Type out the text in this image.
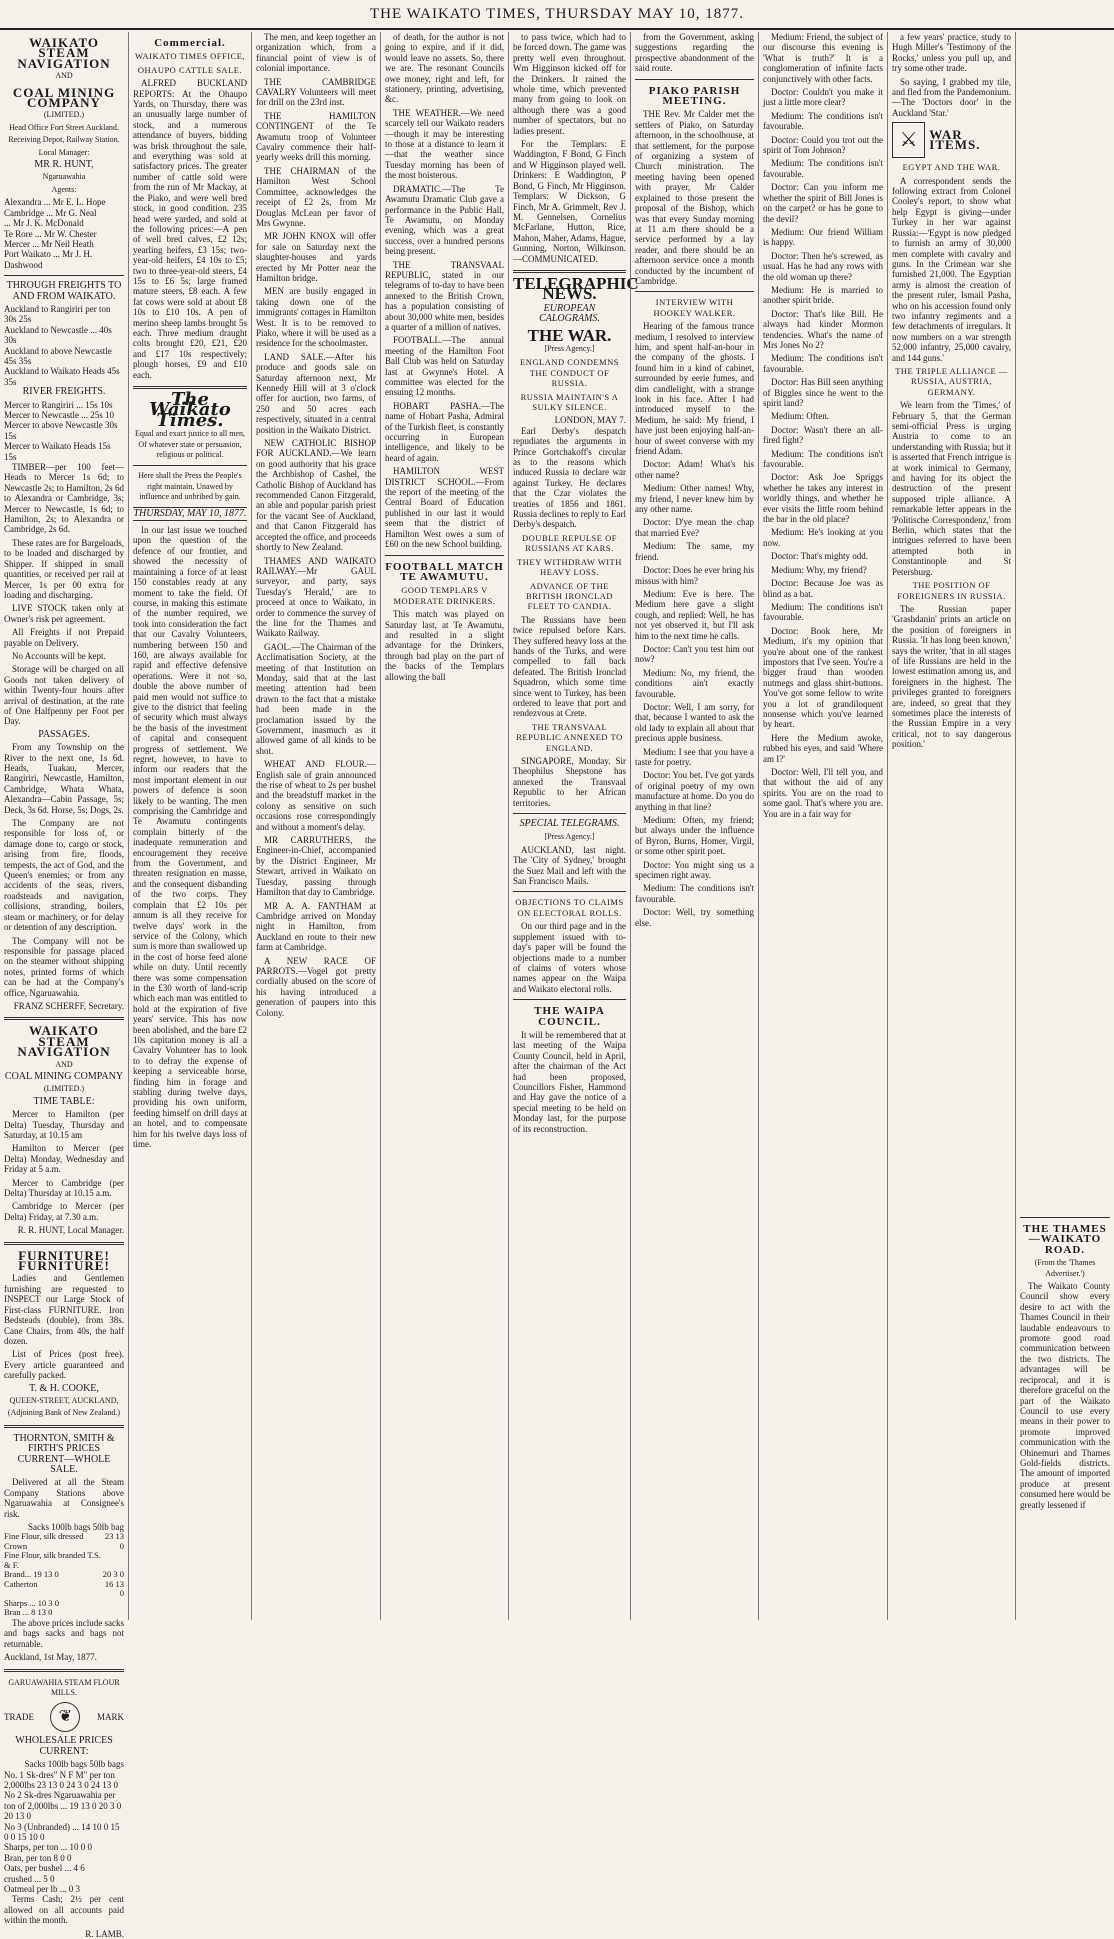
THE WAIKATO TIMES, THURSDAY MAY 10, 1877.
WAIKATO STEAM NAVIGATION
AND
COAL MINING COMPANY
(LIMITED.)
Head Office Fort Street Auckland.
Receiving Depot, Railway Station.
Local Manager:
MR R. HUNT,
Ngaruawahia
Agents:
Alexandra ... Mr E. L. Hope
Cambridge ... Mr G. Neal
... Mr J. K. McDonald
Te Rore ... Mr W. Chester
Mercer ... Mr Neil Heath
Port Waikato ... Mr J. H. Dashwood
THROUGH FREIGHTS TO AND FROM WAIKATO.
Auckland to Rangiriri per ton 30s 25s
Auckland to Newcastle ... 40s 30s
Auckland to above Newcastle 45s 35s
Auckland to Waikato Heads 45s 35s
RIVER FREIGHTS.
Mercer to Rangiriri ... 15s 10s
Mercer to Newcastle ... 25s 10
Mercer to above Newcastle 30s 15s
Mercer to Waikato Heads 15s 15s

TIMBER—per 100 feet—Heads to Mercer 1s 6d; to Newcastle 2s; to Hamilton, 2s 6d to Alexandra or Cambridge, 3s; Mercer to Newcastle, 1s 6d; to Hamilton, 2s; to Alexandra or Cambridge, 2s 6d.

These rates are for Bargeloads, to be loaded and discharged by Shipper. If shipped in small quantities, or received per rail at Mercer, 1s per 00 extra for loading and discharging.

LIVE STOCK taken only at Owner's risk per agreement.

All Freights if not Prepaid payable on Delivery.

No Accounts will be kept.

Storage will be charged on all Goods not taken delivery of within Twenty-four hours after arrival of destination, at the rate of One Halfpenny per Foot per Day.

PASSAGES.

From any Township on the River to the next one, 1s 6d. Heads, Tuakau, Mercer, Rangiriri, Newcastle, Hamilton, Cambridge, Whata Whata, Alexandra—Cabin Passage, 5s; Deck, 3s 6d. Horse, 5s; Dogs, 2s.

The Company are not responsible for loss of, or damage done to, cargo or stock, arising from fire, floods, tempests, the act of God, and the Queen's enemies; or from any accidents of the seas, rivers, roadsteads and navigation, collisions, stranding, boilers, steam or machinery, or for delay or detention of any description.

The Company will not be responsible for passage placed on the steamer without shipping notes, printed forms of which can be had at the Company's office, Ngaruawahia.

FRANZ SCHERFF, Secretary.
WAIKATO STEAM NAVIGATION
AND
COAL MINING COMPANY
(LIMITED.)
TIME TABLE:

Mercer to Hamilton (per Delta) Tuesday, Thursday and Saturday, at 10.15 am

Hamilton to Mercer (per Delta) Monday, Wednesday and Friday at 5 a.m.

Mercer to Cambridge (per Delta) Thursday at 10.15 a.m.

Cambridge to Mercer (per Delta) Friday, at 7.30 a.m.

R. R. HUNT, Local Manager.
FURNITURE! FURNITURE!

Ladies and Gentlemen furnishing are requested to INSPECT our Large Stock of First-class FURNITURE. Iron Bedsteads (double), from 38s. Cane Chairs, from 40s, the half dozen.

List of Prices (post free). Every article guaranteed and carefully packed.

T. & H. COOKE,
QUEEN-STREET, AUCKLAND,
(Adjoining Bank of New Zealand.)
THORNTON, SMITH & FIRTH'S PRICES CURRENT—WHOLE SALE.

Delivered at all the Steam Company Stations above Ngaruawahia at Consignee's risk.

Sacks 100lb bags 50lb bag
Fine Flour, silk dressed Crown	23 13 0
Fine Flour, silk branded T.S. & F.	
Brand... 19 13 0	20 3 0
Catherton	16 13 0
Sharps ... 10 3 0	
Bran ... 8 13 0	

The above prices include sacks and bags sacks and bags not returnable.

Auckland, 1st May, 1877.
GARUAWAHIA STEAM FLOUR MILLS.
TRADE	❦	MARK
WHOLESALE PRICES CURRENT:
Sacks 100lb bags 50lb bags
No. 1 Sk-dres" N F M" per ton 2,000lbs 23 13 0 24 3 0 24 13 0
No 2 Sk-dres Ngaruawahia per ton of 2,000lbs ... 19 13 0 20 3 0 20 13 0
No 3 (Unbranded) ... 14 10 0 15 0 0 15 10 0
Sharps, per ton ... 10 0 0
Bran, per ton 8 0 0
Oats, per bushel ... 4 6
crushed ... 5 0
Oatmeal per lb ... 0 3

Terms Cash; 2½ per cent allowed on all accounts paid within the month.

R. LAMB.
Commercial.
WAIKATO TIMES OFFICE,
OHAUPO CATTLE SALE.

ALFRED BUCKLAND REPORTS: At the Ohaupo Yards, on Thursday, there was an unusually large number of stock, and a numerous attendance of buyers, bidding was brisk throughout the sale, and everything was sold at satisfactory prices. The greater number of cattle sold were from the run of Mr Mackay, at the Piako, and were well bred stock, in good condition. 235 head were yarded, and sold at the following prices:—A pen of well bred calves, £2 12s; yearling heifers, £3 15s; two-year-old heifers, £4 10s to £5; two to three-year-old steers, £4 15s to £6 5s; large framed mature steers, £8 each. A few fat cows were sold at about £8 10s to £10 10s. A pen of merino sheep lambs brought 5s each. Three medium draught colts brought £20, £21, £20 and £17 10s respectively; plough horses, £9 and £10 each.

The Waikato Times.
Equal and exact justice to all men, Of whatever state or persuasion, religious or political.
Here shall the Press the People's right maintain, Unawed by influence and unbribed by gain.
THURSDAY, MAY 10, 1877.

In our last issue we touched upon the question of the defence of our frontier, and showed the necessity of maintaining a force of at least 150 constables ready at any moment to take the field. Of course, in making this estimate of the number required, we took into consideration the fact that our Cavalry Volunteers, numbering between 150 and 160, are always available for rapid and effective defensive operations. Were it not so, double the above number of paid men would not suffice to give to the district that feeling of security which must always be the basis of the investment of capital and consequent progress of settlement. We regret, however, to have to inform our readers that the most important element in our powers of defence is soon likely to be wanting. The men comprising the Cambridge and Te Awamutu contingents complain bitterly of the inadequate remuneration and encouragement they receive from the Government, and threaten resignation en masse, and the consequent disbanding of the two corps. They complain that £2 10s per annum is all they receive for twelve days' work in the service of the Colony, which sum is more than swallowed up in the cost of horse feed alone while on duty. Until recently there was some compensation in the £30 worth of land-scrip which each man was entitled to hold at the expiration of five years' service. This has now been abolished, and the bare £2 10s capitation money is all a Cavalry Volunteer has to look to to defray the expense of keeping a serviceable horse, finding him in forage and stabling during twelve days, providing his own uniform, feeding himself on drill days at an hotel, and to compensate him for his twelve days loss of time.

The men, and keep together an organization which, from a financial point of view is of colonial importance.

THE CAMBRIDGE CAVALRY Volunteers will meet for drill on the 23rd inst.

THE HAMILTON CONTINGENT of the Te Awamutu troop of Volunteer Cavalry commence their half-yearly weeks drill this morning.

THE CHAIRMAN of the Hamilton West School Committee, acknowledges the receipt of £2 2s, from Mr Douglas McLean per favor of Mrs Gwynne.

MR JOHN KNOX will offer for sale on Saturday next the slaughter-houses and yards erected by Mr Potter near the Hamilton bridge.

MEN are busily engaged in taking down one of the immigrants' cottages in Hamilton West. It is to be removed to Piako, where it will be used as a residence for the schoolmaster.

LAND SALE.—After his produce and goods sale on Saturday afternoon next, Mr Kennedy Hill will at 3 o'clock offer for auction, two farms, of 250 and 50 acres each respectively, situated in a central position in the Waikato District.

NEW CATHOLIC BISHOP FOR AUCKLAND.—We learn on good authority that his grace the Archbishop of Cashel, the Catholic Bishop of Auckland has recommended Canon Fitzgerald, an able and popular parish priest for the vacant See of Auckland, and that Canon Fitzgerald has accepted the office, and proceeds shortly to New Zealand.

THAMES AND WAIKATO RAILWAY.—Mr GAUL surveyor, and party, says Tuesday's 'Herald,' are to proceed at once to Waikato, in order to commence the survey of the line for the Thames and Waikato Railway.

GAOL.—The Chairman of the Acclimatisation Society, at the meeting of that Institution on Monday, said that at the last meeting attention had been drawn to the fact that a mistake had been made in the proclamation issued by the Government, inasmuch as it allowed game of all kinds to be shot.

WHEAT AND FLOUR.—English sale of grain announced the rise of wheat to 2s per bushel and the breadstuff market in the colony as sensitive on such occasions rose correspondingly and without a moment's delay.

MR CARRUTHERS, the Engineer-in-Chief, accompanied by the District Engineer, Mr Stewart, arrived in Waikato on Tuesday, passing through Hamilton that day to Cambridge.

MR A. A. FANTHAM at Cambridge arrived on Monday night in Hamilton, from Auckland en route to their new farm at Cambridge.

A NEW RACE OF PARROTS.—Vogel got pretty cordially abused on the score of his having introduced a generation of paupers into this Colony.

of death, for the author is not going to expire, and if it did, would leave no assets. So, there we are. The resonant Councils owe money, right and left, for stationery, printing, advertising, &c.

THE WEATHER.—We need scarcely tell our Waikato readers—though it may be interesting to those at a distance to learn it—that the weather since Tuesday morning has been of the most boisterous.

DRAMATIC.—The Te Awamutu Dramatic Club gave a performance in the Public Hall, Te Awamutu, on Monday evening, which was a great success, over a hundred persons being present.

THE TRANSVAAL REPUBLIC, stated in our telegrams of to-day to have been annexed to the British Crown, has a population consisting of about 30,000 white men, besides a quarter of a million of natives.

FOOTBALL.—The annual meeting of the Hamilton Foot Ball Club was held on Saturday last at Gwynne's Hotel. A committee was elected for the ensuing 12 months.

HOBART PASHA.—The name of Hobart Pasha, Admiral of the Turkish fleet, is constantly occurring in European intelligence, and likely to be heard of again.

HAMILTON WEST DISTRICT SCHOOL.—From the report of the meeting of the Central Board of Education published in our last it would seem that the district of Hamilton West owes a sum of £60 on the new School building.

FOOTBALL MATCH TE AWAMUTU.
GOOD TEMPLARS V MODERATE DRINKERS.

This match was played on Saturday last, at Te Awamutu, and resulted in a slight advantage for the Drinkers, through bad play on the part of the backs of the Templars allowing the ball

to pass twice, which had to be forced down. The game was pretty well even throughout. Wm Higginson kicked off for the Drinkers. It rained the whole time, which prevented many from going to look on although there was a good number of spectators, but no ladies present.

For the Templars: E Waddington, F Bond, G Finch and W Higginson played well. Drinkers: E Waddington, P Bond, G Finch, Mr Higginson. Templars: W Dickson, G Finch, Mr A. Grimmelt, Rev J. M. Gennelsen, Cornelius McFarlane, Hutton, Rice, Mahon, Maher, Adams, Hague, Gunning, Norton, Wilkinson.—COMMUNICATED.

TELEGRAPHIC NEWS.
EUROPEAN CALOGRAMS.
THE WAR.
[Press Agency.]
ENGLAND CONDEMNS THE CONDUCT OF RUSSIA.
RUSSIA MAINTAIN'S A SULKY SILENCE.
LONDON, MAY 7.

Earl Derby's despatch repudiates the arguments in Prince Gortchakoff's circular as to the reasons which induced Russia to declare war against Turkey. He declares that the Czar violates the treaties of 1856 and 1861. Russia declines to reply to Earl Derby's despatch.

DOUBLE REPULSE OF RUSSIANS AT KARS.
THEY WITHDRAW WITH HEAVY LOSS.
ADVANCE OF THE BRITISH IRONCLAD FLEET TO CANDIA.

The Russians have been twice repulsed before Kars. They suffered heavy loss at the hands of the Turks, and were compelled to fall back defeated. The British Ironclad Squadron, which some time since went to Turkey, has been ordered to leave that port and rendezvous at Crete.

THE TRANSVAAL REPUBLIC ANNEXED TO ENGLAND.

SINGAPORE, Monday. Sir Theophilus Shepstone has annexed the Transvaal Republic to her African territories.

SPECIAL TELEGRAMS.
[Press Agency.]

AUCKLAND, last night. The 'City of Sydney,' brought the Suez Mail and left with the San Francisco Mails.

OBJECTIONS TO CLAIMS ON ELECTORAL ROLLS.

On our third page and in the supplement issued with to-day's paper will be found the objections made to a number of claims of voters whose names appear on the Waipa and Waikato electoral rolls.

THE WAIPA COUNCIL.

It will be remembered that at last meeting of the Waipa County Council, held in April, after the chairman of the Act had been proposed, Councillors Fisher, Hammond and Hay gave the notice of a special meeting to be held on Monday last, for the purpose of its reconstruction.

from the Government, asking suggestions regarding the prospective abandonment of the said route.

PIAKO PARISH MEETING.

THE Rev. Mr Calder met the settlers of Piako, on Saturday afternoon, in the schoolhouse, at that settlement, for the purpose of organizing a system of Church ministration. The meeting having been opened with prayer, Mr Calder explained to those present the proposal of the Bishop, which was that every Sunday morning at 11 a.m there should be a service performed by a lay reader, and there should be an afternoon service once a month conducted by the incumbent of Cambridge.

INTERVIEW WITH HOOKEY WALKER.

Hearing of the famous trance medium, I resolved to interview him, and spent half-an-hour in the company of the ghosts. I found him in a kind of cabinet, surrounded by eerie fumes, and dim candlelight, with a strange look in his face. After I had introduced myself to the Medium, he said: My friend, I have just been enjoying half-an-hour of sweet converse with my friend Adam.

Doctor: Adam! What's his other name?

Medium: Other names! Why, my friend, I never knew him by any other name.

Doctor: D'ye mean the chap that married Eve?

Medium: The same, my friend.

Doctor: Does he ever bring his missus with him?

Medium: Eve is here. The Medium here gave a slight cough, and replied: Well, he has not yet observed it, but I'll ask him to the next time he calls.

Doctor: Can't you test him out now?

Medium: No, my friend, the conditions ain't exactly favourable.

Doctor: Well, I am sorry, for that, because I wanted to ask the old lady to explain all about that precious apple business.

Medium: I see that you have a taste for poetry.

Doctor: You bet. I've got yards of original poetry of my own manufacture at home. Do you do anything in that line?

Medium: Often, my friend; but always under the influence of Byron, Burns, Homer, Virgil, or some other spirit poet.

Doctor: You might sing us a specimen right away.

Medium: The conditions isn't favourable.

Doctor: Well, try something else.

Medium: Friend, the subject of our discourse this evening is 'What is truth?' It is a conglomeration of infinite facts conjunctively with other facts.

Doctor: Couldn't you make it just a little more clear?

Medium: The conditions isn't favourable.

Doctor: Could you trot out the spirit of Tom Johnson?

Medium: The conditions isn't favourable.

Doctor: Can you inform me whether the spirit of Bill Jones is on the carpet? or has he gone to the devil?

Medium: Our friend William is happy.

Doctor: Then he's screwed, as usual. Has he had any rows with the old woman up there?

Medium: He is married to another spirit bride.

Doctor: That's like Bill. He always had kinder Mormon tendencies. What's the name of Mrs Jones No 2?

Medium: The conditions isn't favourable.

Doctor: Has Bill seen anything of Biggles since he went to the spirit land?

Medium: Often.

Doctor: Wasn't there an all-fired fight?

Medium: The conditions isn't favourable.

Doctor: Ask Joe Spriggs whether he takes any interest in worldly things, and whether he ever visits the little room behind the bar in the old place?

Medium: He's looking at you now.

Doctor: That's mighty odd.

Medium: Why, my friend?

Doctor: Because Joe was as blind as a bat.

Medium: The conditions isn't favourable.

Doctor: Book here, Mr Medium, it's my opinion that you're about one of the rankest impostors that I've seen. You're a bigger fraud than wooden nutmegs and glass shirt-buttons. You've got some fellow to write you a lot of grandiloquent nonsense which you've learned by heart.

Here the Medium awoke, rubbed his eyes, and said 'Where am I?'

Doctor: Well, I'll tell you, and that without the aid of any spirits. You are on the road to some gaol. That's where you are. You are in a fair way for

a few years' practice, study to Hugh Miller's 'Testimony of the Rocks,' unless you pull up, and try some other trade.

So saying, I grabbed my tile, and fled from the Pandemonium.—The 'Doctors door' in the Auckland 'Star.'

⚔ WAR ITEMS.
EGYPT AND THE WAR.

A correspondent sends the following extract from Colonel Cooley's report, to show what help Egypt is giving—under Turkey in her war against Russia:—'Egypt is now pledged to furnish an army of 30,000 men complete with cavalry and guns. In the Crimean war she furnished 21,000. The Egyptian army is almost the creation of the present ruler, Ismail Pasha, who on his accession found only two infantry regiments and a few detachments of irregulars. It now numbers on a war strength 52,000 infantry, 25,000 cavalry, and 144 guns.'

THE TRIPLE ALLIANCE — RUSSIA, AUSTRIA, GERMANY.

We learn from the 'Times,' of February 5, that the German semi-official Press is urging Austria to come to an understanding with Russia; but it is asserted that French intrigue is at work inimical to Germany, and having for its object the destruction of the present supposed triple alliance. A remarkable letter appears in the 'Politische Correspondenz,' from Berlin, which states that the intrigues referred to have been attempted both in Constantinople and St Petersburg.

THE POSITION OF FOREIGNERS IN RUSSIA.

The Russian paper 'Grashdanin' prints an article on the position of foreigners in Russia. 'It has long been known,' says the writer, 'that in all stages of life Russians are held in the lowest estimation among us, and foreigners in the highest. The privileges granted to foreigners are, indeed, so great that they sometimes place the interests of the Russian Empire in a very critical, not to say dangerous position.'

THE THAMES—WAIKATO ROAD.
(From the 'Thames Advertiser.')

The Waikato County Council show every desire to act with the Thames Council in their laudable endeavours to promote good road communication between the two districts. The advantages will be reciprocal, and it is therefore graceful on the part of the Waikato Council to use every means in their power to promote improved communication with the Ohinemuri and Thames Gold-fields districts. The amount of imported produce at present consumed here would be greatly lessened if
